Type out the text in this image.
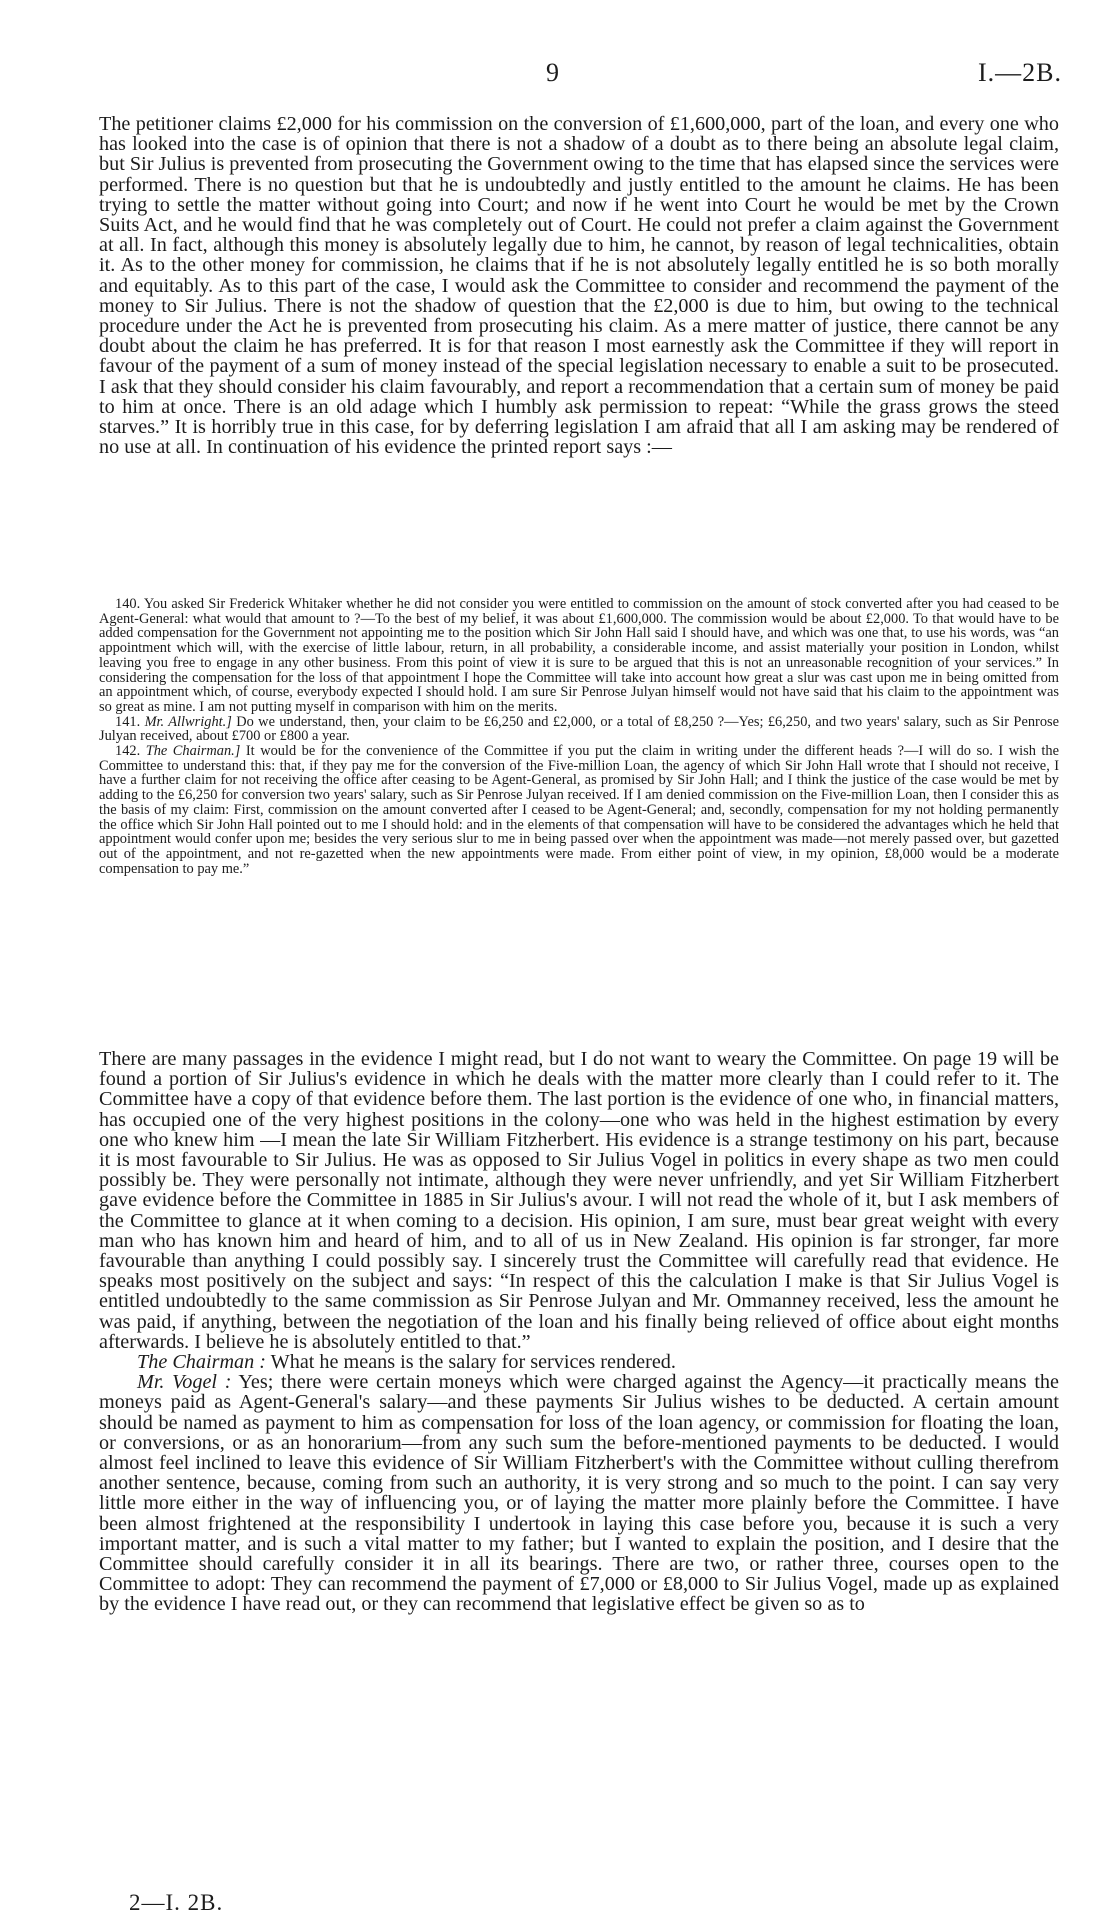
9	I.—2B.

The petitioner claims £2,000 for his commission on the conversion of £1,600,000, part of the loan, and every one who has looked into the case is of opinion that there is not a shadow of a doubt as to there being an absolute legal claim, but Sir Julius is prevented from prosecuting the Government owing to the time that has elapsed since the services were performed. There is no question but that he is undoubtedly and justly entitled to the amount he claims. He has been trying to settle the matter without going into Court; and now if he went into Court he would be met by the Crown Suits Act, and he would find that he was completely out of Court. He could not prefer a claim against the Government at all. In fact, although this money is absolutely legally due to him, he cannot, by reason of legal technicalities, obtain it. As to the other money for commission, he claims that if he is not absolutely legally entitled he is so both morally and equitably. As to this part of the case, I would ask the Committee to consider and recommend the payment of the money to Sir Julius. There is not the shadow of question that the £2,000 is due to him, but owing to the technical procedure under the Act he is prevented from prosecuting his claim. As a mere matter of justice, there cannot be any doubt about the claim he has preferred. It is for that reason I most earnestly ask the Committee if they will report in favour of the payment of a sum of money instead of the special legislation necessary to enable a suit to be prosecuted. I ask that they should consider his claim favourably, and report a recommendation that a certain sum of money be paid to him at once. There is an old adage which I humbly ask permission to repeat: “While the grass grows the steed starves.” It is horribly true in this case, for by deferring legislation I am afraid that all I am asking may be rendered of no use at all. In continuation of his evidence the printed report says :—

140. You asked Sir Frederick Whitaker whether he did not consider you were entitled to commission on the amount of stock converted after you had ceased to be Agent-General: what would that amount to ?—To the best of my belief, it was about £1,600,000. The commission would be about £2,000. To that would have to be added compensation for the Government not appointing me to the position which Sir John Hall said I should have, and which was one that, to use his words, was “an appointment which will, with the exercise of little labour, return, in all probability, a considerable income, and assist materially your position in London, whilst leaving you free to engage in any other business. From this point of view it is sure to be argued that this is not an unreasonable recognition of your services.” In considering the compensation for the loss of that appointment I hope the Committee will take into account how great a slur was cast upon me in being omitted from an appointment which, of course, everybody expected I should hold. I am sure Sir Penrose Julyan himself would not have said that his claim to the appointment was so great as mine. I am not putting myself in comparison with him on the merits.

141. Mr. Allwright.] Do we understand, then, your claim to be £6,250 and £2,000, or a total of £8,250 ?—Yes; £6,250, and two years' salary, such as Sir Penrose Julyan received, about £700 or £800 a year.

142. The Chairman.] It would be for the convenience of the Committee if you put the claim in writing under the different heads ?—I will do so. I wish the Committee to understand this: that, if they pay me for the conversion of the Five-million Loan, the agency of which Sir John Hall wrote that I should not receive, I have a further claim for not receiving the office after ceasing to be Agent-General, as promised by Sir John Hall; and I think the justice of the case would be met by adding to the £6,250 for conversion two years' salary, such as Sir Penrose Julyan received. If I am denied commission on the Five-million Loan, then I consider this as the basis of my claim: First, commission on the amount converted after I ceased to be Agent-General; and, secondly, compensation for my not holding permanently the office which Sir John Hall pointed out to me I should hold: and in the elements of that compensation will have to be considered the advantages which he held that appointment would confer upon me; besides the very serious slur to me in being passed over when the appointment was made—not merely passed over, but gazetted out of the appointment, and not re-gazetted when the new appointments were made. From either point of view, in my opinion, £8,000 would be a moderate compensation to pay me.”

There are many passages in the evidence I might read, but I do not want to weary the Committee. On page 19 will be found a portion of Sir Julius's evidence in which he deals with the matter more clearly than I could refer to it. The Committee have a copy of that evidence before them. The last portion is the evidence of one who, in financial matters, has occupied one of the very highest positions in the colony—one who was held in the highest estimation by every one who knew him —I mean the late Sir William Fitzherbert. His evidence is a strange testimony on his part, because it is most favourable to Sir Julius. He was as opposed to Sir Julius Vogel in politics in every shape as two men could possibly be. They were personally not intimate, although they were never unfriendly, and yet Sir William Fitzherbert gave evidence before the Committee in 1885 in Sir Julius's avour. I will not read the whole of it, but I ask members of the Committee to glance at it when coming to a decision. His opinion, I am sure, must bear great weight with every man who has known him and heard of him, and to all of us in New Zealand. His opinion is far stronger, far more favourable than anything I could possibly say. I sincerely trust the Committee will carefully read that evidence. He speaks most positively on the subject and says: “In respect of this the calculation I make is that Sir Julius Vogel is entitled undoubtedly to the same commission as Sir Penrose Julyan and Mr. Ommanney received, less the amount he was paid, if anything, between the negotiation of the loan and his finally being relieved of office about eight months afterwards. I believe he is absolutely entitled to that.”

The Chairman : What he means is the salary for services rendered.

Mr. Vogel : Yes; there were certain moneys which were charged against the Agency—it practically means the moneys paid as Agent-General's salary—and these payments Sir Julius wishes to be deducted. A certain amount should be named as payment to him as compensation for loss of the loan agency, or commission for floating the loan, or conversions, or as an honorarium—from any such sum the before-mentioned payments to be deducted. I would almost feel inclined to leave this evidence of Sir William Fitzherbert's with the Committee without culling therefrom another sentence, because, coming from such an authority, it is very strong and so much to the point. I can say very little more either in the way of influencing you, or of laying the matter more plainly before the Committee. I have been almost frightened at the responsibility I undertook in laying this case before you, because it is such a very important matter, and is such a vital matter to my father; but I wanted to explain the position, and I desire that the Committee should carefully consider it in all its bearings. There are two, or rather three, courses open to the Committee to adopt: They can recommend the payment of £7,000 or £8,000 to Sir Julius Vogel, made up as explained by the evidence I have read out, or they can recommend that legislative effect be given so as to

2—I. 2B.
